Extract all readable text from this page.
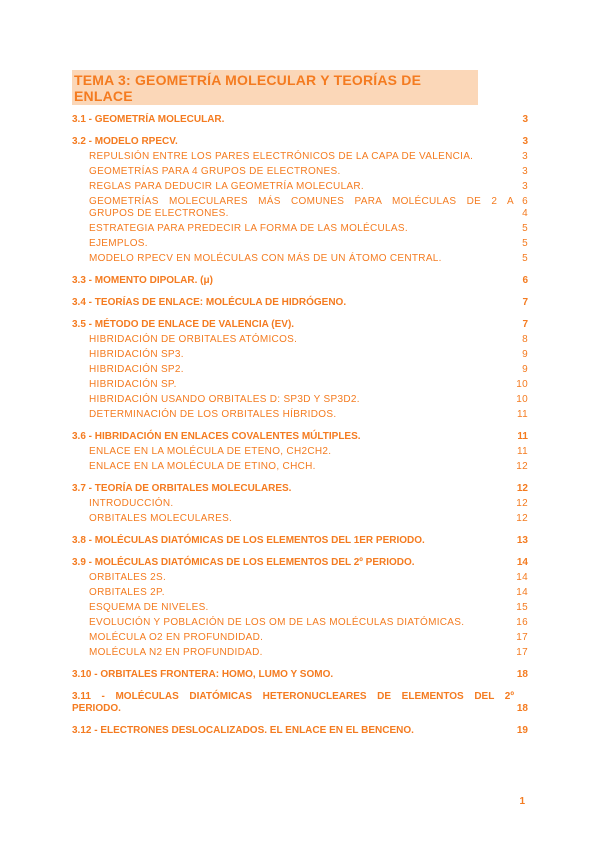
TEMA 3: GEOMETRÍA MOLECULAR Y TEORÍAS DE ENLACE
3.1 - GEOMETRÍA MOLECULAR.	3
3.2 - MODELO RPECV.	3
REPULSIÓN ENTRE LOS PARES ELECTRÓNICOS DE LA CAPA DE VALENCIA.	3
GEOMETRÍAS PARA 4 GRUPOS DE ELECTRONES.	3
REGLAS PARA DEDUCIR LA GEOMETRÍA MOLECULAR.	3
GEOMETRÍAS MOLECULARES MÁS COMUNES PARA MOLÉCULAS DE 2 A 6
GRUPOS DE ELECTRONES.	4
ESTRATEGIA PARA PREDECIR LA FORMA DE LAS MOLÉCULAS.	5
EJEMPLOS.	5
MODELO RPECV EN MOLÉCULAS CON MÁS DE UN ÁTOMO CENTRAL.	5
3.3 - MOMENTO DIPOLAR. (μ)	6
3.4 - TEORÍAS DE ENLACE: MOLÉCULA DE HIDRÓGENO.	7
3.5 - MÉTODO DE ENLACE DE VALENCIA (EV).	7
HIBRIDACIÓN DE ORBITALES ATÓMICOS.	8
HIBRIDACIÓN SP3.	9
HIBRIDACIÓN SP2.	9
HIBRIDACIÓN SP.	10
HIBRIDACIÓN USANDO ORBITALES D: SP3D Y SP3D2.	10
DETERMINACIÓN DE LOS ORBITALES HÍBRIDOS.	11
3.6 - HIBRIDACIÓN EN ENLACES COVALENTES MÚLTIPLES.	11
ENLACE EN LA MOLÉCULA DE ETENO, CH2CH2.	11
ENLACE EN LA MOLÉCULA DE ETINO, CHCH.	12
3.7 - TEORÍA DE ORBITALES MOLECULARES.	12
INTRODUCCIÓN.	12
ORBITALES MOLECULARES.	12
3.8 - MOLÉCULAS DIATÓMICAS DE LOS ELEMENTOS DEL 1ER PERIODO.	13
3.9 - MOLÉCULAS DIATÓMICAS DE LOS ELEMENTOS DEL 2º PERIODO.	14
ORBITALES 2S.	14
ORBITALES 2P.	14
ESQUEMA DE NIVELES.	15
EVOLUCIÓN Y POBLACIÓN DE LOS OM DE LAS MOLÉCULAS DIATÓMICAS.	16
MOLÉCULA O2 EN PROFUNDIDAD.	17
MOLÉCULA N2 EN PROFUNDIDAD.	17
3.10 - ORBITALES FRONTERA: HOMO, LUMO Y SOMO.	18
3.11 - MOLÉCULAS DIATÓMICAS HETERONUCLEARES DE ELEMENTOS DEL 2º
PERIODO.	18
3.12 - ELECTRONES DESLOCALIZADOS. EL ENLACE EN EL BENCENO.	19
1
